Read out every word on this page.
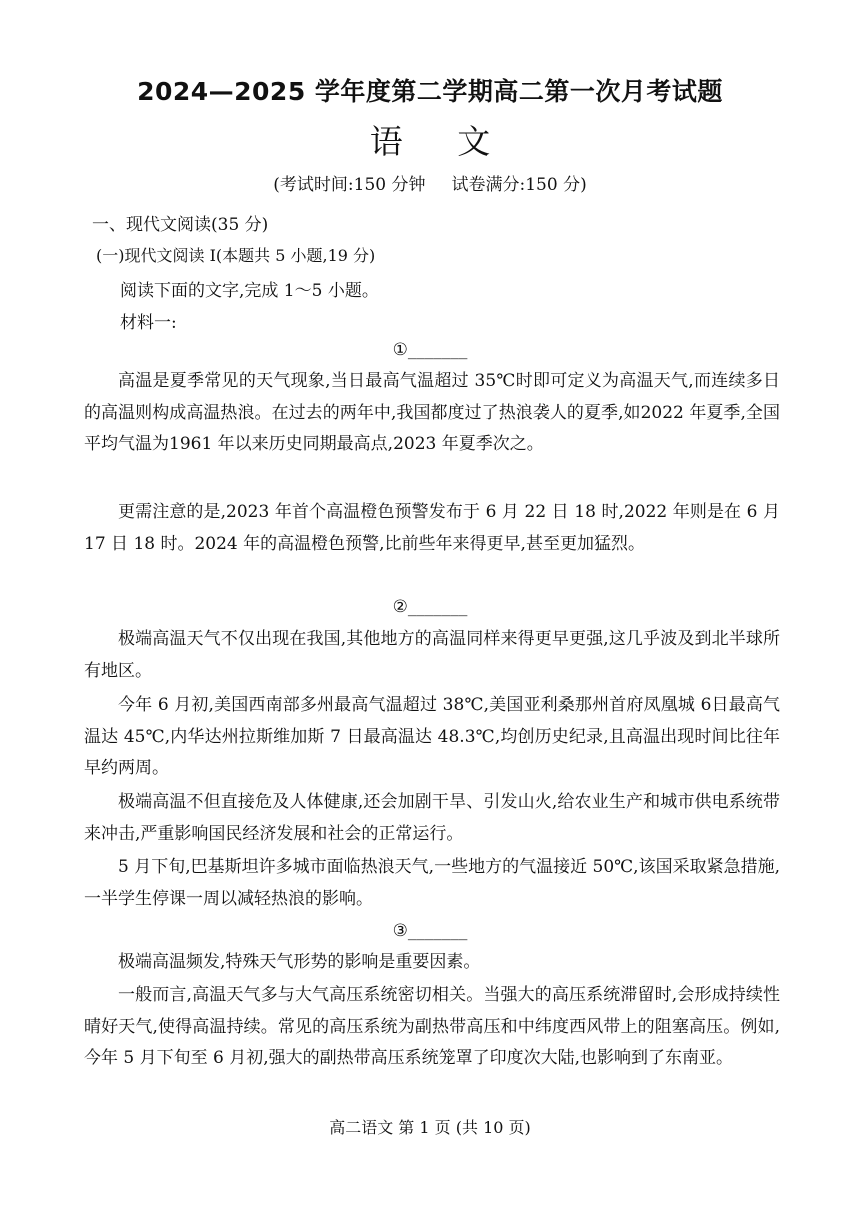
2024—2025 学年度第二学期高二第一次月考试题
语 文
(考试时间:150 分钟 试卷满分:150 分)
一、现代文阅读(35 分)
(一)现代文阅读 I(本题共 5 小题,19 分)
阅读下面的文字,完成 1～5 小题。
材料一:
①_______

高温是夏季常见的天气现象,当日最高气温超过 35℃时即可定义为高温天气,而连续多日的高温则构成高温热浪。在过去的两年中,我国都度过了热浪袭人的夏季,如2022 年夏季,全国平均气温为1961 年以来历史同期最高点,2023 年夏季次之。

更需注意的是,2023 年首个高温橙色预警发布于 6 月 22 日 18 时,2022 年则是在 6 月 17 日 18 时。2024 年的高温橙色预警,比前些年来得更早,甚至更加猛烈。

②_______

极端高温天气不仅出现在我国,其他地方的高温同样来得更早更强,这几乎波及到北半球所有地区。

今年 6 月初,美国西南部多州最高气温超过 38℃,美国亚利桑那州首府凤凰城 6日最高气温达 45℃,内华达州拉斯维加斯 7 日最高温达 48.3℃,均创历史纪录,且高温出现时间比往年早约两周。

极端高温不但直接危及人体健康,还会加剧干旱、引发山火,给农业生产和城市供电系统带来冲击,严重影响国民经济发展和社会的正常运行。

5 月下旬,巴基斯坦许多城市面临热浪天气,一些地方的气温接近 50℃,该国采取紧急措施,一半学生停课一周以减轻热浪的影响。

③_______

极端高温频发,特殊天气形势的影响是重要因素。

一般而言,高温天气多与大气高压系统密切相关。当强大的高压系统滞留时,会形成持续性晴好天气,使得高温持续。常见的高压系统为副热带高压和中纬度西风带上的阻塞高压。例如,今年 5 月下旬至 6 月初,强大的副热带高压系统笼罩了印度次大陆,也影响到了东南亚。

高二语文 第 1 页 (共 10 页)
